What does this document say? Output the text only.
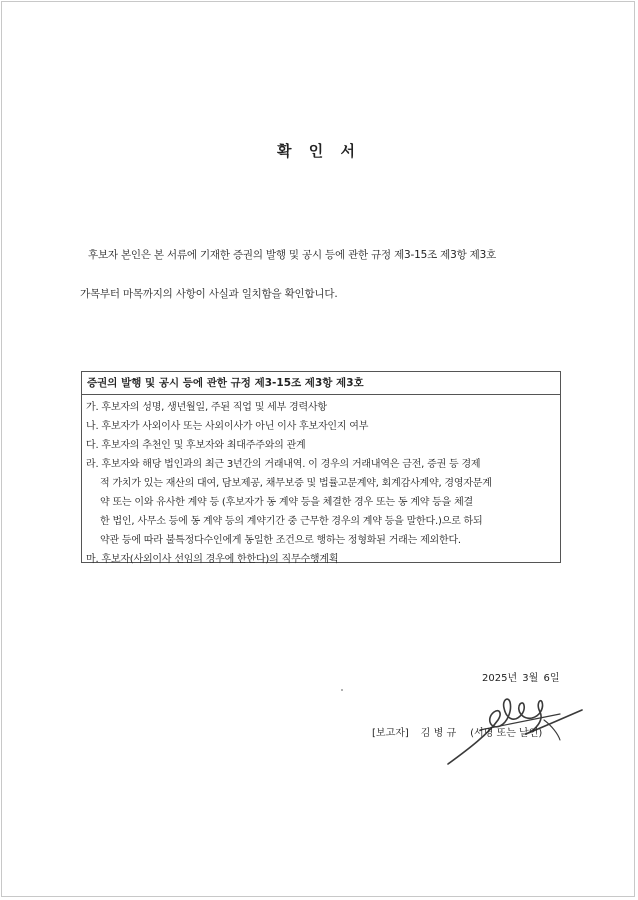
확 인 서
후보자 본인은 본 서류에 기재한 증권의 발행 및 공시 등에 관한 규정 제3-15조 제3항 제3호
가목부터 마목까지의 사항이 사실과 일치함을 확인합니다.
증권의 발행 및 공시 등에 관한 규정 제3-15조 제3항 제3호
가. 후보자의 성명, 생년월일, 주된 직업 및 세부 경력사항
나. 후보자가 사외이사 또는 사외이사가 아닌 이사 후보자인지 여부
다. 후보자의 추천인 및 후보자와 최대주주와의 관계
라. 후보자와 해당 법인과의 최근 3년간의 거래내역. 이 경우의 거래내역은 금전, 증권 등 경제
적 가치가 있는 재산의 대여, 담보제공, 채무보증 및 법률고문계약, 회계감사계약, 경영자문계
약 또는 이와 유사한 계약 등 (후보자가 동 계약 등을 체결한 경우 또는 동 계약 등을 체결
한 법인, 사무소 등에 동 계약 등의 계약기간 중 근무한 경우의 계약 등을 말한다.)으로 하되
약관 등에 따라 불특정다수인에게 동일한 조건으로 행하는 정형화된 거래는 제외한다.
마. 후보자(사외이사 선임의 경우에 한한다)의 직무수행계획
2025년 3월 6일
[보고자] 김 병 규 (서명 또는 날인)
